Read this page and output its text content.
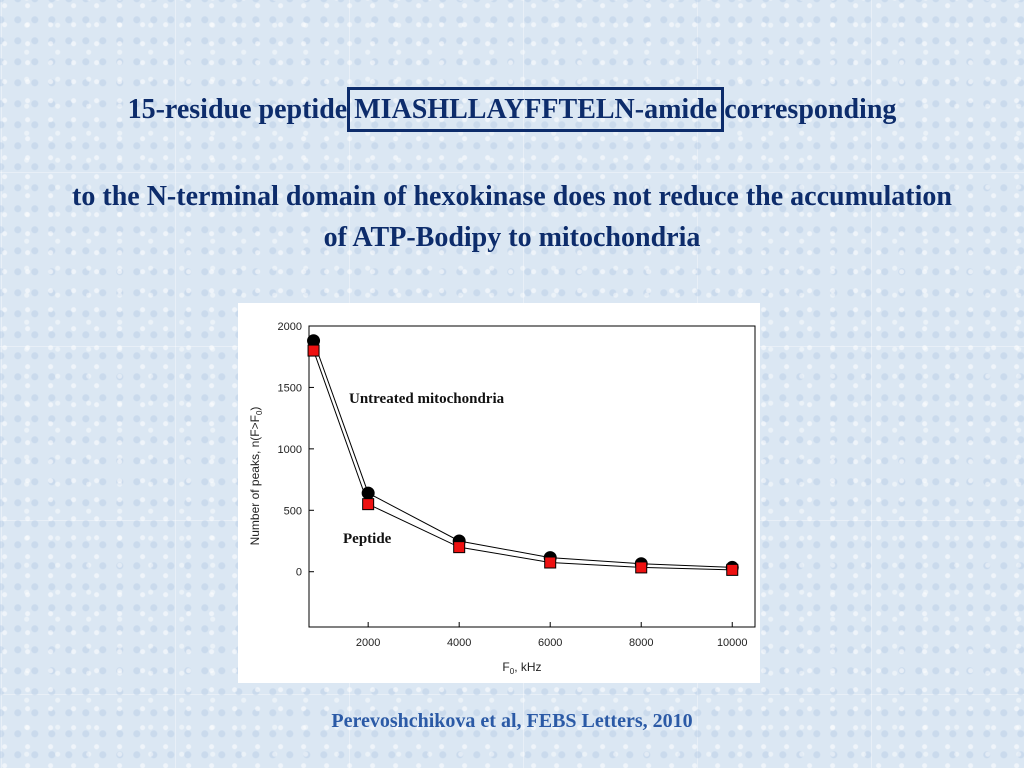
15-residue peptide MIASHLLAYFFTELN-amide corresponding
to the N-terminal domain of hexokinase does not reduce the accumulation of ATP-Bodipy to mitochondria
0
500
1000
1500
2000
2000	4000	6000	8000	10000
Untreated mitochondria
Peptide
$F_0$, kHz
Number of peaks, $n(F>F_0)$
Perevoshchikova et al, FEBS Letters, 2010
